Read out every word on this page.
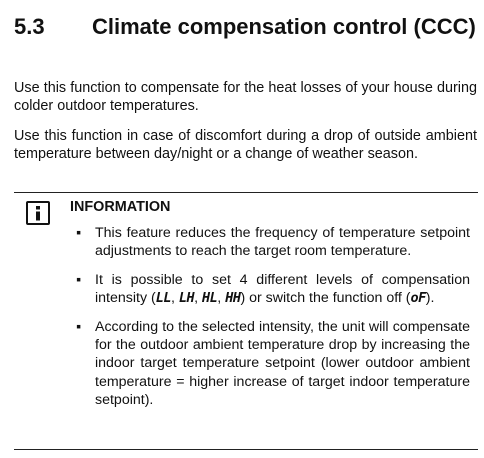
5.3	Climate compensation control (CCC)

Use this function to compensate for the heat losses of your house during colder outdoor temperatures.

Use this function in case of discomfort during a drop of outside ambient temperature between day/night or a change of weather season.

INFORMATION
▪ This feature reduces the frequency of temperature setpoint adjustments to reach the target room temperature.
▪ It is possible to set 4 different levels of compensation intensity (LL, LH, HL, HH) or switch the function off (oF).
▪ According to the selected intensity, the unit will compensate for the outdoor ambient temperature drop by increasing the indoor target temperature setpoint (lower outdoor ambient temperature = higher increase of target indoor temperature setpoint).
